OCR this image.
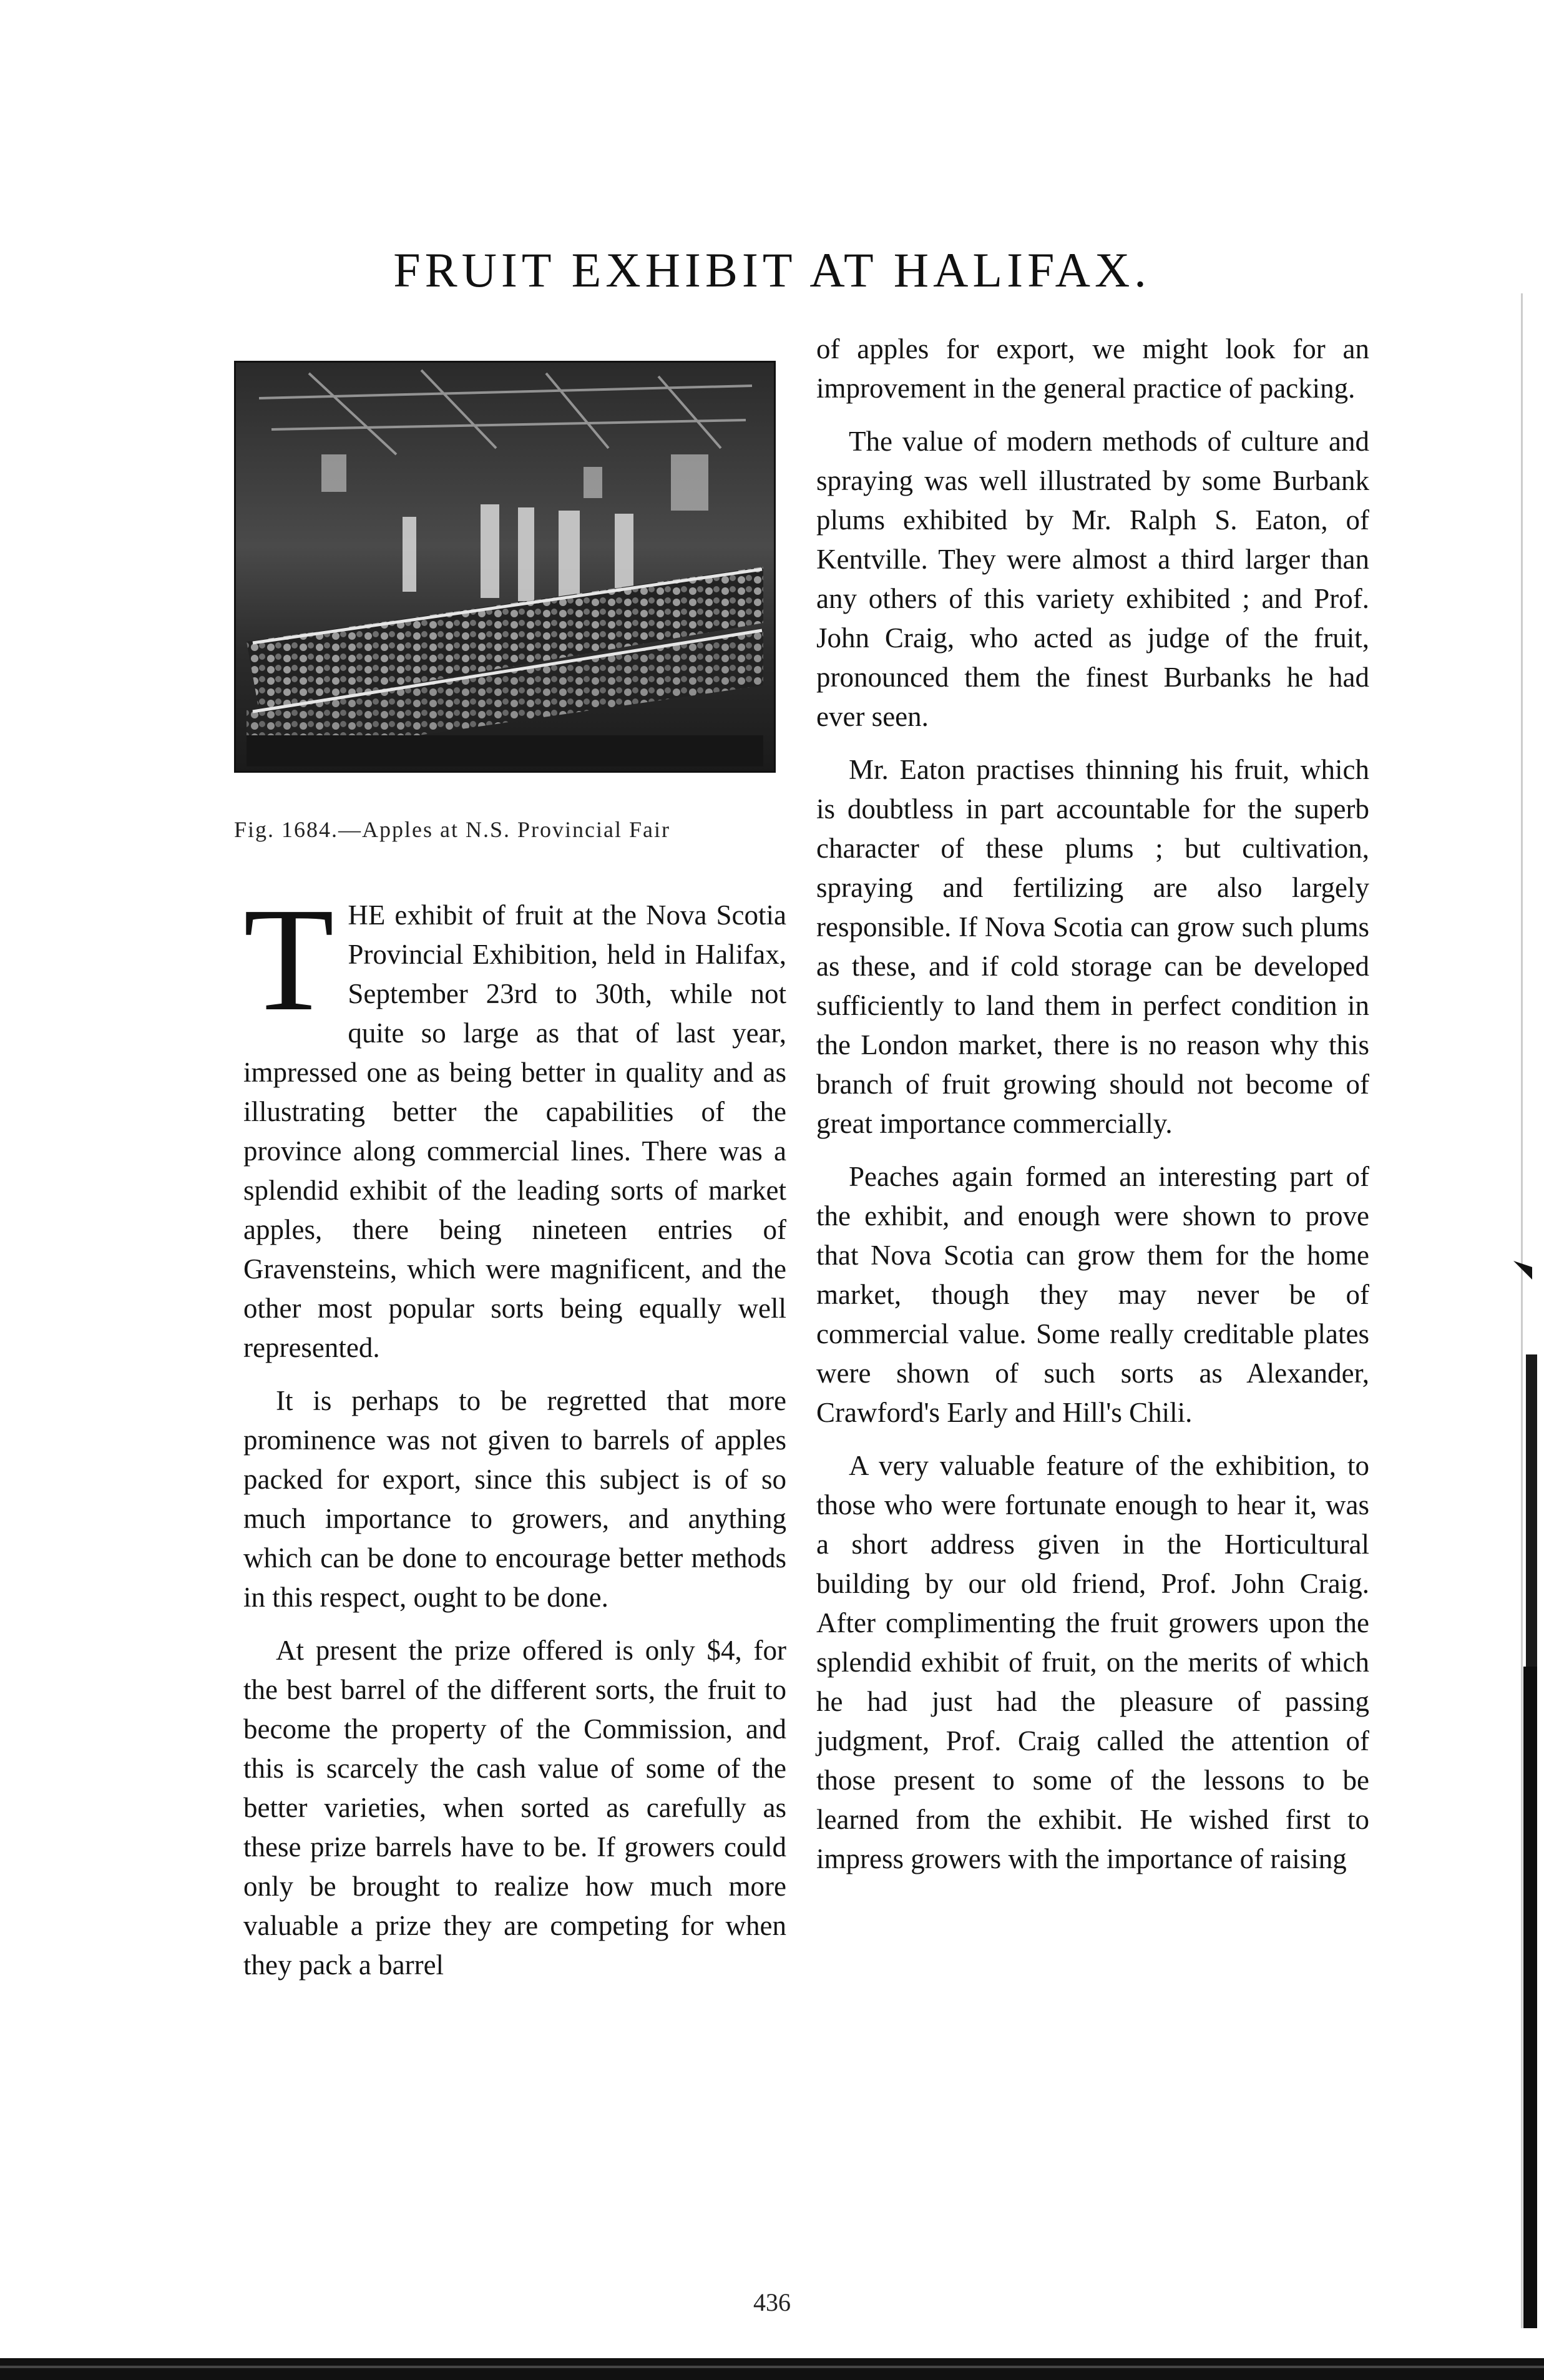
FRUIT EXHIBIT AT HALIFAX.
Fig. 1684.—Apples at N.S. Provincial Fair

THE exhibit of fruit at the Nova Scotia Provincial Exhibition, held in Halifax, September 23rd to 30th, while not quite so large as that of last year, impressed one as being better in quality and as illustrating better the capabilities of the province along commercial lines. There was a splendid exhibit of the leading sorts of market apples, there being nineteen entries of Gravensteins, which were magnificent, and the other most popular sorts being equally well represented.

It is perhaps to be regretted that more prominence was not given to barrels of apples packed for export, since this subject is of so much importance to growers, and anything which can be done to encourage better methods in this respect, ought to be done.

At present the prize offered is only $4, for the best barrel of the different sorts, the fruit to become the property of the Commission, and this is scarcely the cash value of some of the better varieties, when sorted as carefully as these prize barrels have to be. If growers could only be brought to realize how much more valuable a prize they are competing for when they pack a barrel

of apples for export, we might look for an improvement in the general practice of packing.

The value of modern methods of culture and spraying was well illustrated by some Burbank plums exhibited by Mr. Ralph S. Eaton, of Kentville. They were almost a third larger than any others of this variety exhibited ; and Prof. John Craig, who acted as judge of the fruit, pronounced them the finest Burbanks he had ever seen.

Mr. Eaton practises thinning his fruit, which is doubtless in part accountable for the superb character of these plums ; but cultivation, spraying and fertilizing are also largely responsible. If Nova Scotia can grow such plums as these, and if cold storage can be developed sufficiently to land them in perfect condition in the London market, there is no reason why this branch of fruit growing should not become of great importance commercially.

Peaches again formed an interesting part of the exhibit, and enough were shown to prove that Nova Scotia can grow them for the home market, though they may never be of commercial value. Some really creditable plates were shown of such sorts as Alexander, Crawford's Early and Hill's Chili.

A very valuable feature of the exhibition, to those who were fortunate enough to hear it, was a short address given in the Horticultural building by our old friend, Prof. John Craig. After complimenting the fruit growers upon the splendid exhibit of fruit, on the merits of which he had just had the pleasure of passing judgment, Prof. Craig called the attention of those present to some of the lessons to be learned from the exhibit. He wished first to impress growers with the importance of raising

436
